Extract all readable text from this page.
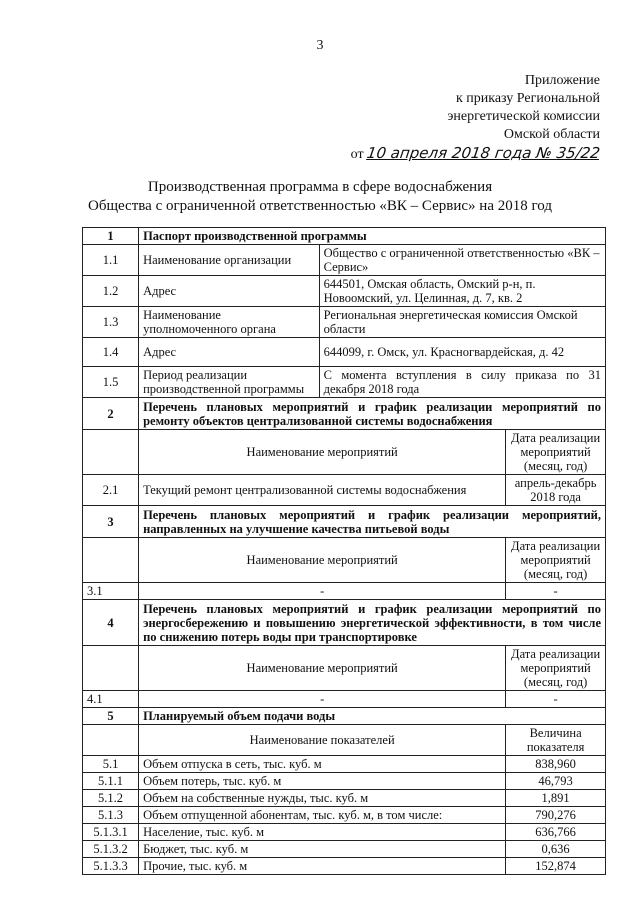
3
Приложение
к приказу Региональной
энергетической комиссии
Омской области
от 10 апреля 2018 года № 35/22
Производственная программа в сфере водоснабжения
Общества с ограниченной ответственностью «ВК – Сервис» на 2018 год
1	Паспорт производственной программы		
1.1	Наименование организации	Общество с ограниченной ответственностью «ВК – Сервис»	
1.2	Адрес	644501, Омская область, Омский р-н, п. Новоомский, ул. Целинная, д. 7, кв. 2	
1.3	Наименование уполномоченного органа	Региональная энергетическая комиссия Омской области	
1.4	Адрес	644099, г. Омск, ул. Красногвардейская, д. 42	
1.5	Период реализации производственной программы	С момента вступления в силу приказа по 31 декабря 2018 года	
2	Перечень плановых мероприятий и график реализации мероприятий по ремонту объектов централизованной системы водоснабжения		
	Наименование мероприятий		Дата реализации мероприятий (месяц, год)
2.1	Текущий ремонт централизованной системы водоснабжения		апрель-декабрь 2018 года
3	Перечень плановых мероприятий и график реализации мероприятий, направленных на улучшение качества питьевой воды		
	Наименование мероприятий		Дата реализации мероприятий (месяц, год)
3.1	-		-
4	Перечень плановых мероприятий и график реализации мероприятий по энергосбережению и повышению энергетической эффективности, в том числе по снижению потерь воды при транспортировке		
	Наименование мероприятий		Дата реализации мероприятий (месяц, год)
4.1	-		-
5	Планируемый объем подачи воды		
	Наименование показателей		Величина показателя
5.1	Объем отпуска в сеть, тыс. куб. м		838,960
5.1.1	Объем потерь, тыс. куб. м		46,793
5.1.2	Объем на собственные нужды, тыс. куб. м		1,891
5.1.3	Объем отпущенной абонентам, тыс. куб. м, в том числе:		790,276
5.1.3.1	Население, тыс. куб. м		636,766
5.1.3.2	Бюджет, тыс. куб. м		0,636
5.1.3.3	Прочие, тыс. куб. м		152,874
